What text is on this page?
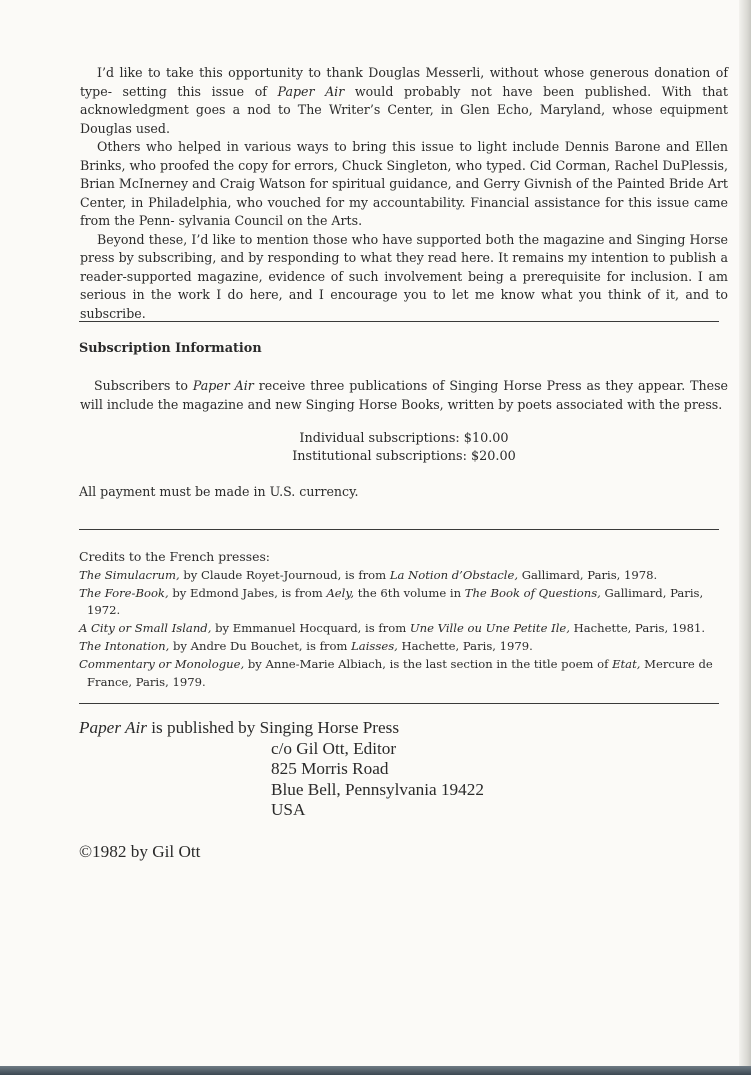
I’d like to take this opportunity to thank Douglas Messerli, without whose generous donation of type- setting this issue of Paper Air would probably not have been published. With that acknowledgment goes a nod to The Writer’s Center, in Glen Echo, Maryland, whose equipment Douglas used.

Others who helped in various ways to bring this issue to light include Dennis Barone and Ellen Brinks, who proofed the copy for errors, Chuck Singleton, who typed. Cid Corman, Rachel DuPlessis, Brian McInerney and Craig Watson for spiritual guidance, and Gerry Givnish of the Painted Bride Art Center, in Philadelphia, who vouched for my accountability. Financial assistance for this issue came from the Penn- sylvania Council on the Arts.

Beyond these, I’d like to mention those who have supported both the magazine and Singing Horse press by subscribing, and by responding to what they read here. It remains my intention to publish a reader-supported magazine, evidence of such involvement being a prerequisite for inclusion. I am serious in the work I do here, and I encourage you to let me know what you think of it, and to subscribe.

Subscription Information

Subscribers to Paper Air receive three publications of Singing Horse Press as they appear. These will include the magazine and new Singing Horse Books, written by poets associated with the press.

Individual subscriptions: $10.00
Institutional subscriptions: $20.00
All payment must be made in U.S. currency.
Credits to the French presses:
The Simulacrum, by Claude Royet-Journoud, is from La Notion d’Obstacle, Gallimard, Paris, 1978.
The Fore-Book, by Edmond Jabes, is from Aely, the 6th volume in The Book of Questions, Gallimard, Paris, 1972.
A City or Small Island, by Emmanuel Hocquard, is from Une Ville ou Une Petite Ile, Hachette, Paris, 1981.
The Intonation, by Andre Du Bouchet, is from Laisses, Hachette, Paris, 1979.
Commentary or Monologue, by Anne-Marie Albiach, is the last section in the title poem of Etat, Mercure de France, Paris, 1979.
Paper Air is published by Singing Horse Press
c/o Gil Ott, Editor
825 Morris Road
Blue Bell, Pennsylvania 19422
USA
©1982 by Gil Ott
